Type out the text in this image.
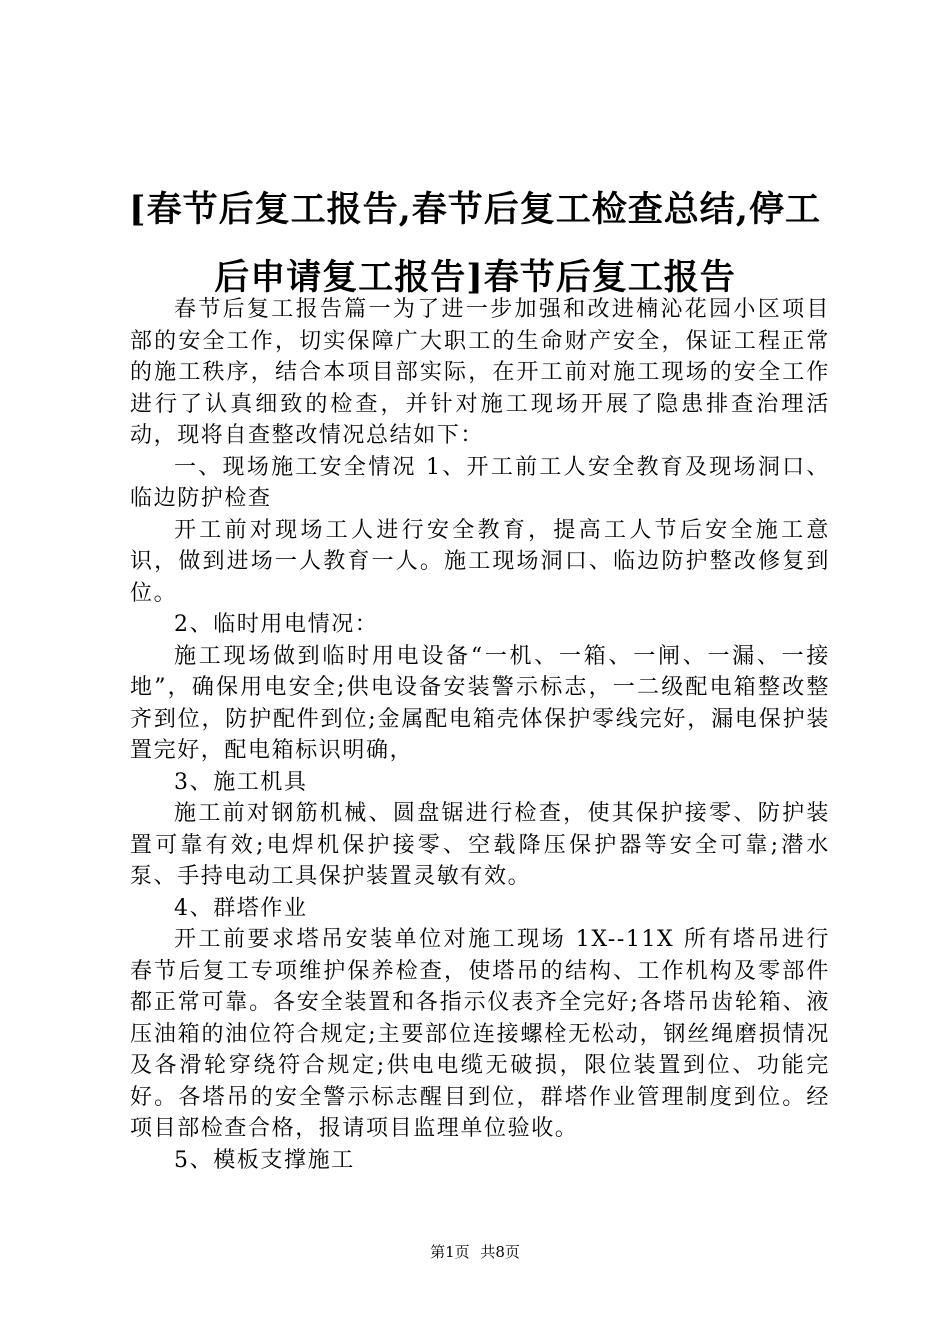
[春节后复工报告,春节后复工检查总结,停工后申请复工报告]春节后复工报告

春节后复工报告篇一为了进一步加强和改进楠沁花园小区项目部的安全工作，切实保障广大职工的生命财产安全，保证工程正常的施工秩序，结合本项目部实际，在开工前对施工现场的安全工作进行了认真细致的检查，并针对施工现场开展了隐患排查治理活动，现将自查整改情况总结如下：

一、现场施工安全情况 1、开工前工人安全教育及现场洞口、临边防护检查

开工前对现场工人进行安全教育，提高工人节后安全施工意识，做到进场一人教育一人。施工现场洞口、临边防护整改修复到位。

2、临时用电情况：

施工现场做到临时用电设备“一机、一箱、一闸、一漏、一接地”，确保用电安全;供电设备安装警示标志，一二级配电箱整改整齐到位，防护配件到位;金属配电箱壳体保护零线完好，漏电保护装置完好，配电箱标识明确，

3、施工机具

施工前对钢筋机械、圆盘锯进行检查，使其保护接零、防护装置可靠有效;电焊机保护接零、空载降压保护器等安全可靠;潜水泵、手持电动工具保护装置灵敏有效。

4、群塔作业

开工前要求塔吊安装单位对施工现场 1X--11X 所有塔吊进行春节后复工专项维护保养检查，使塔吊的结构、工作机构及零部件都正常可靠。各安全装置和各指示仪表齐全完好;各塔吊齿轮箱、液压油箱的油位符合规定;主要部位连接螺栓无松动，钢丝绳磨损情况及各滑轮穿绕符合规定;供电电缆无破损，限位装置到位、功能完好。各塔吊的安全警示标志醒目到位，群塔作业管理制度到位。经项目部检查合格，报请项目监理单位验收。

5、模板支撑施工

第1页 共8页
